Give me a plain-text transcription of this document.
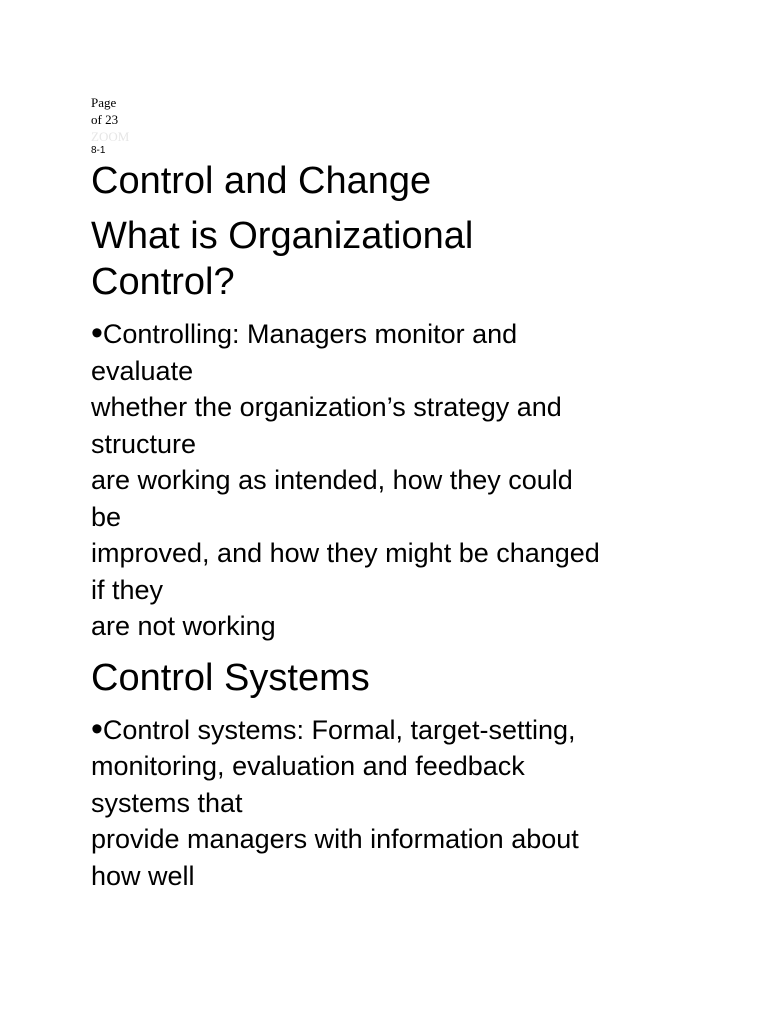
Page
of 23
ZOOM
8-1
Control and Change
What is Organizational
Control?
•Controlling: Managers monitor and
evaluate
whether the organization’s strategy and
structure
are working as intended, how they could
be
improved, and how they might be changed
if they
are not working
Control Systems
•Control systems: Formal, target-setting,
monitoring, evaluation and feedback
systems that
provide managers with information about
how well
